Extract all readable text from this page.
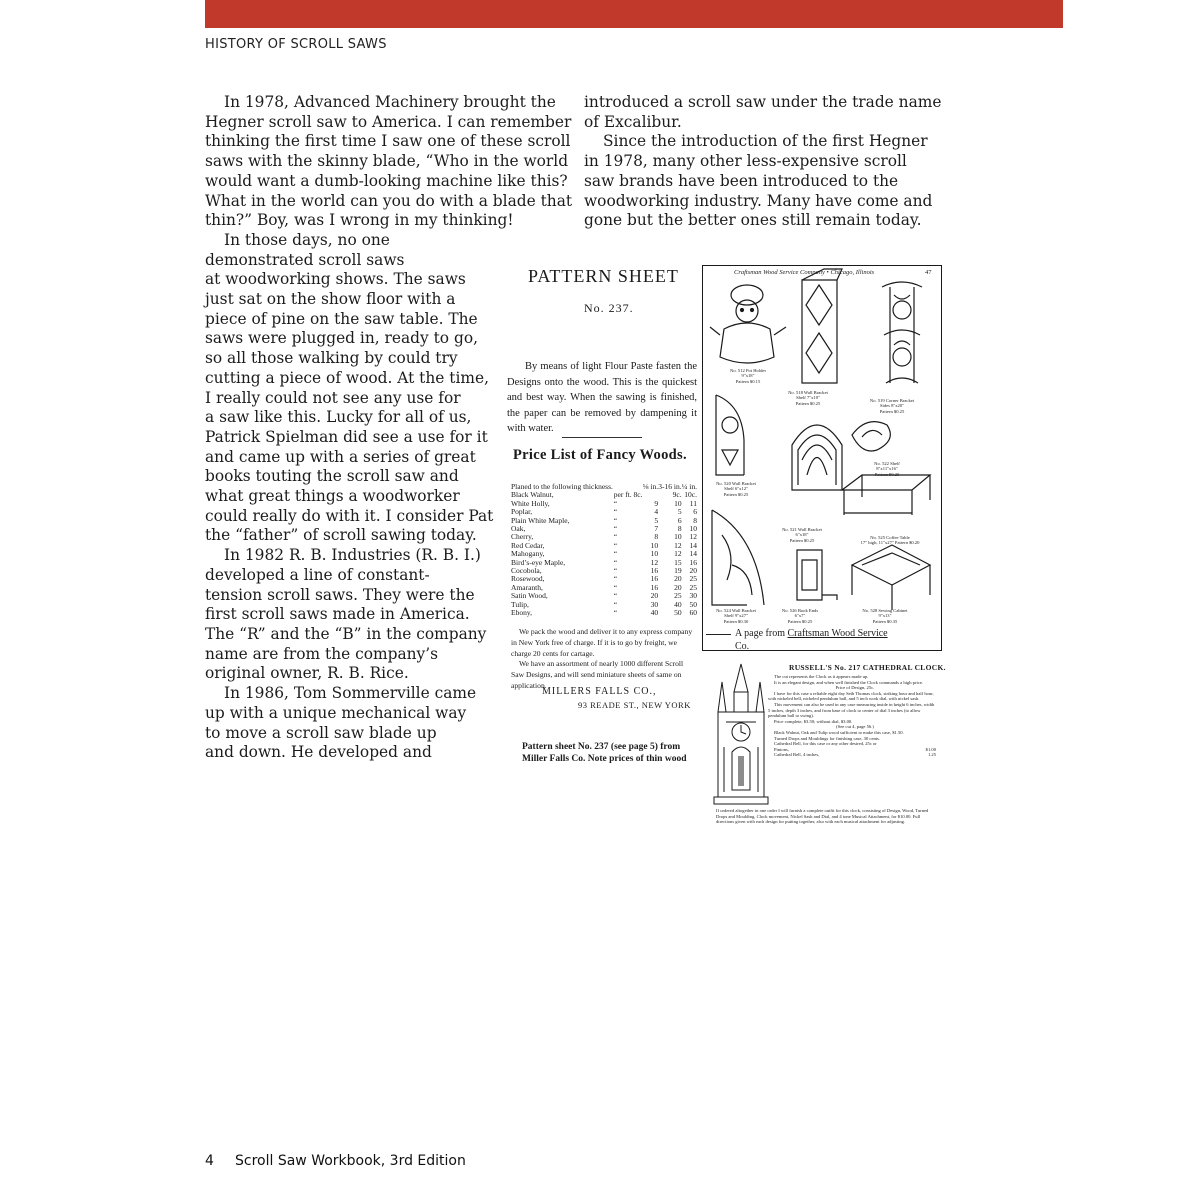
HISTORY OF SCROLL SAWS

In 1978, Advanced Machinery brought the
Hegner scroll saw to America. I can remember
thinking the first time I saw one of these scroll
saws with the skinny blade, “Who in the world
would want a dumb-looking machine like this?
What in the world can you do with a blade that
thin?” Boy, was I wrong in my thinking!

In those days, no one
demonstrated scroll saws
at woodworking shows. The saws
just sat on the show floor with a
piece of pine on the saw table. The
saws were plugged in, ready to go,
so all those walking by could try
cutting a piece of wood. At the time,
I really could not see any use for
a saw like this. Lucky for all of us,
Patrick Spielman did see a use for it
and came up with a series of great
books touting the scroll saw and
what great things a woodworker
could really do with it. I consider Pat
the “father” of scroll sawing today.

In 1982 R. B. Industries (R. B. I.)
developed a line of constant-
tension scroll saws. They were the
first scroll saws made in America.
The “R” and the “B” in the company
name are from the company’s
original owner, R. B. Rice.

In 1986, Tom Sommerville came
up with a unique mechanical way
to move a scroll saw blade up
and down. He developed and

introduced a scroll saw under the trade name
of Excalibur.

Since the introduction of the first Hegner
in 1978, many other less-expensive scroll
saw brands have been introduced to the
woodworking industry. Many have come and
gone but the better ones still remain today.

PATTERN SHEET
No. 237.

By means of light Flour Paste fasten the Designs onto the wood. This is the quickest and best way. When the sawing is finished, the paper can be removed by dampening it with water.

Price List of Fancy Woods.
Planed to the following thickness.		⅛ in.	3-16 in.	¼ in.
Black Walnut,	per ft. 8c.		9c.	10c.
White Holly,	“	9	10	11
Poplar,	“	4	5	6
Plain White Maple,	“	5	6	8
Oak,	“	7	8	10
Cherry,	“	8	10	12
Red Cedar,	“	10	12	14
Mahogany,	“	10	12	14
Bird’s-eye Maple,	“	12	15	16
Cocobola,	“	16	19	20
Rosewood,	“	16	20	25
Amaranth,	“	16	20	25
Satin Wood,	“	20	25	30
Tulip,	“	30	40	50
Ebony,	“	40	50	60

We pack the wood and deliver it to any express company in New York free of charge. If it is to go by freight, we charge 20 cents for cartage.

We have an assortment of nearly 1000 different Scroll Saw Designs, and will send miniature sheets of same on application.

MILLERS FALLS CO.,
93 READE ST., NEW YORK
Pattern sheet No. 237 (see page 5) from Miller Falls Co. Note prices of thin wood
Craftsman Wood Service Company • Chicago, Illinois	47
No. 512 Pot Holder
9"x18"
Pattern $0.15
No. 518 Wall Bracket
Shelf 7"x10"
Pattern $0.25
No. 519 Corner Bracket
Sides 8"x20"
Pattern $0.25
No. 520 Wall Bracket
Shelf 6"x12"
Pattern $0.25
No. 521 Wall Bracket
6"x18"
Pattern $0.25
No. 522 Shelf
8"x11"x16"
Pattern $0.25
No. 525 Coffee Table
17" high, 11"x27" Pattern $0.20
No. 524 Wall Bracket
Shelf 9"x27"
Pattern $0.30
No. 526 Book Ends
6"x7"
Pattern $0.25
No. 528 Sewing Cabinet
9"x13"
Pattern $0.35
A page from Craftsman Wood Service
Co.
RUSSELL'S No. 217 CATHEDRAL CLOCK.

The cut represents the Clock as it appears made up.

It is an elegant design, and when well finished the Clock commands a high price.

Price of Design, 25c.

I have for this case a reliable eight day Seth Thomas clock, striking hour and half hour, with nickeled bell, nickeled pendulum ball, and 5 inch work dial, with nickel sash.

This movement can also be used in any case measuring inside in height 6 inches, width 5 inches, depth 3 inches, and from base of clock to center of dial 3 inches (to allow pendulum ball to swing).

Price complete, $3.50; without dial, $3.00.

(See cut 4, page 56.)

Black Walnut, Oak and Tulip wood sufficient to make this case, $1.50.

Turned Drops and Mouldings for finishing case, 30 cents.

Cathedral Bell, for this case or any other desired, 25c or

Pinions,	$1.00

Cathedral Bell, 4 inches,	1.25

If ordered altogether in one order I will furnish a complete outfit for this clock, consisting of Design, Wood, Turned Drops and Moulding, Clock movement, Nickel Sash and Dial, and 4 tone Musical Attachment, for $10.00. Full directions given with each design for putting together, also with each musical attachment for adjusting.
4 Scroll Saw Workbook, 3rd Edition
